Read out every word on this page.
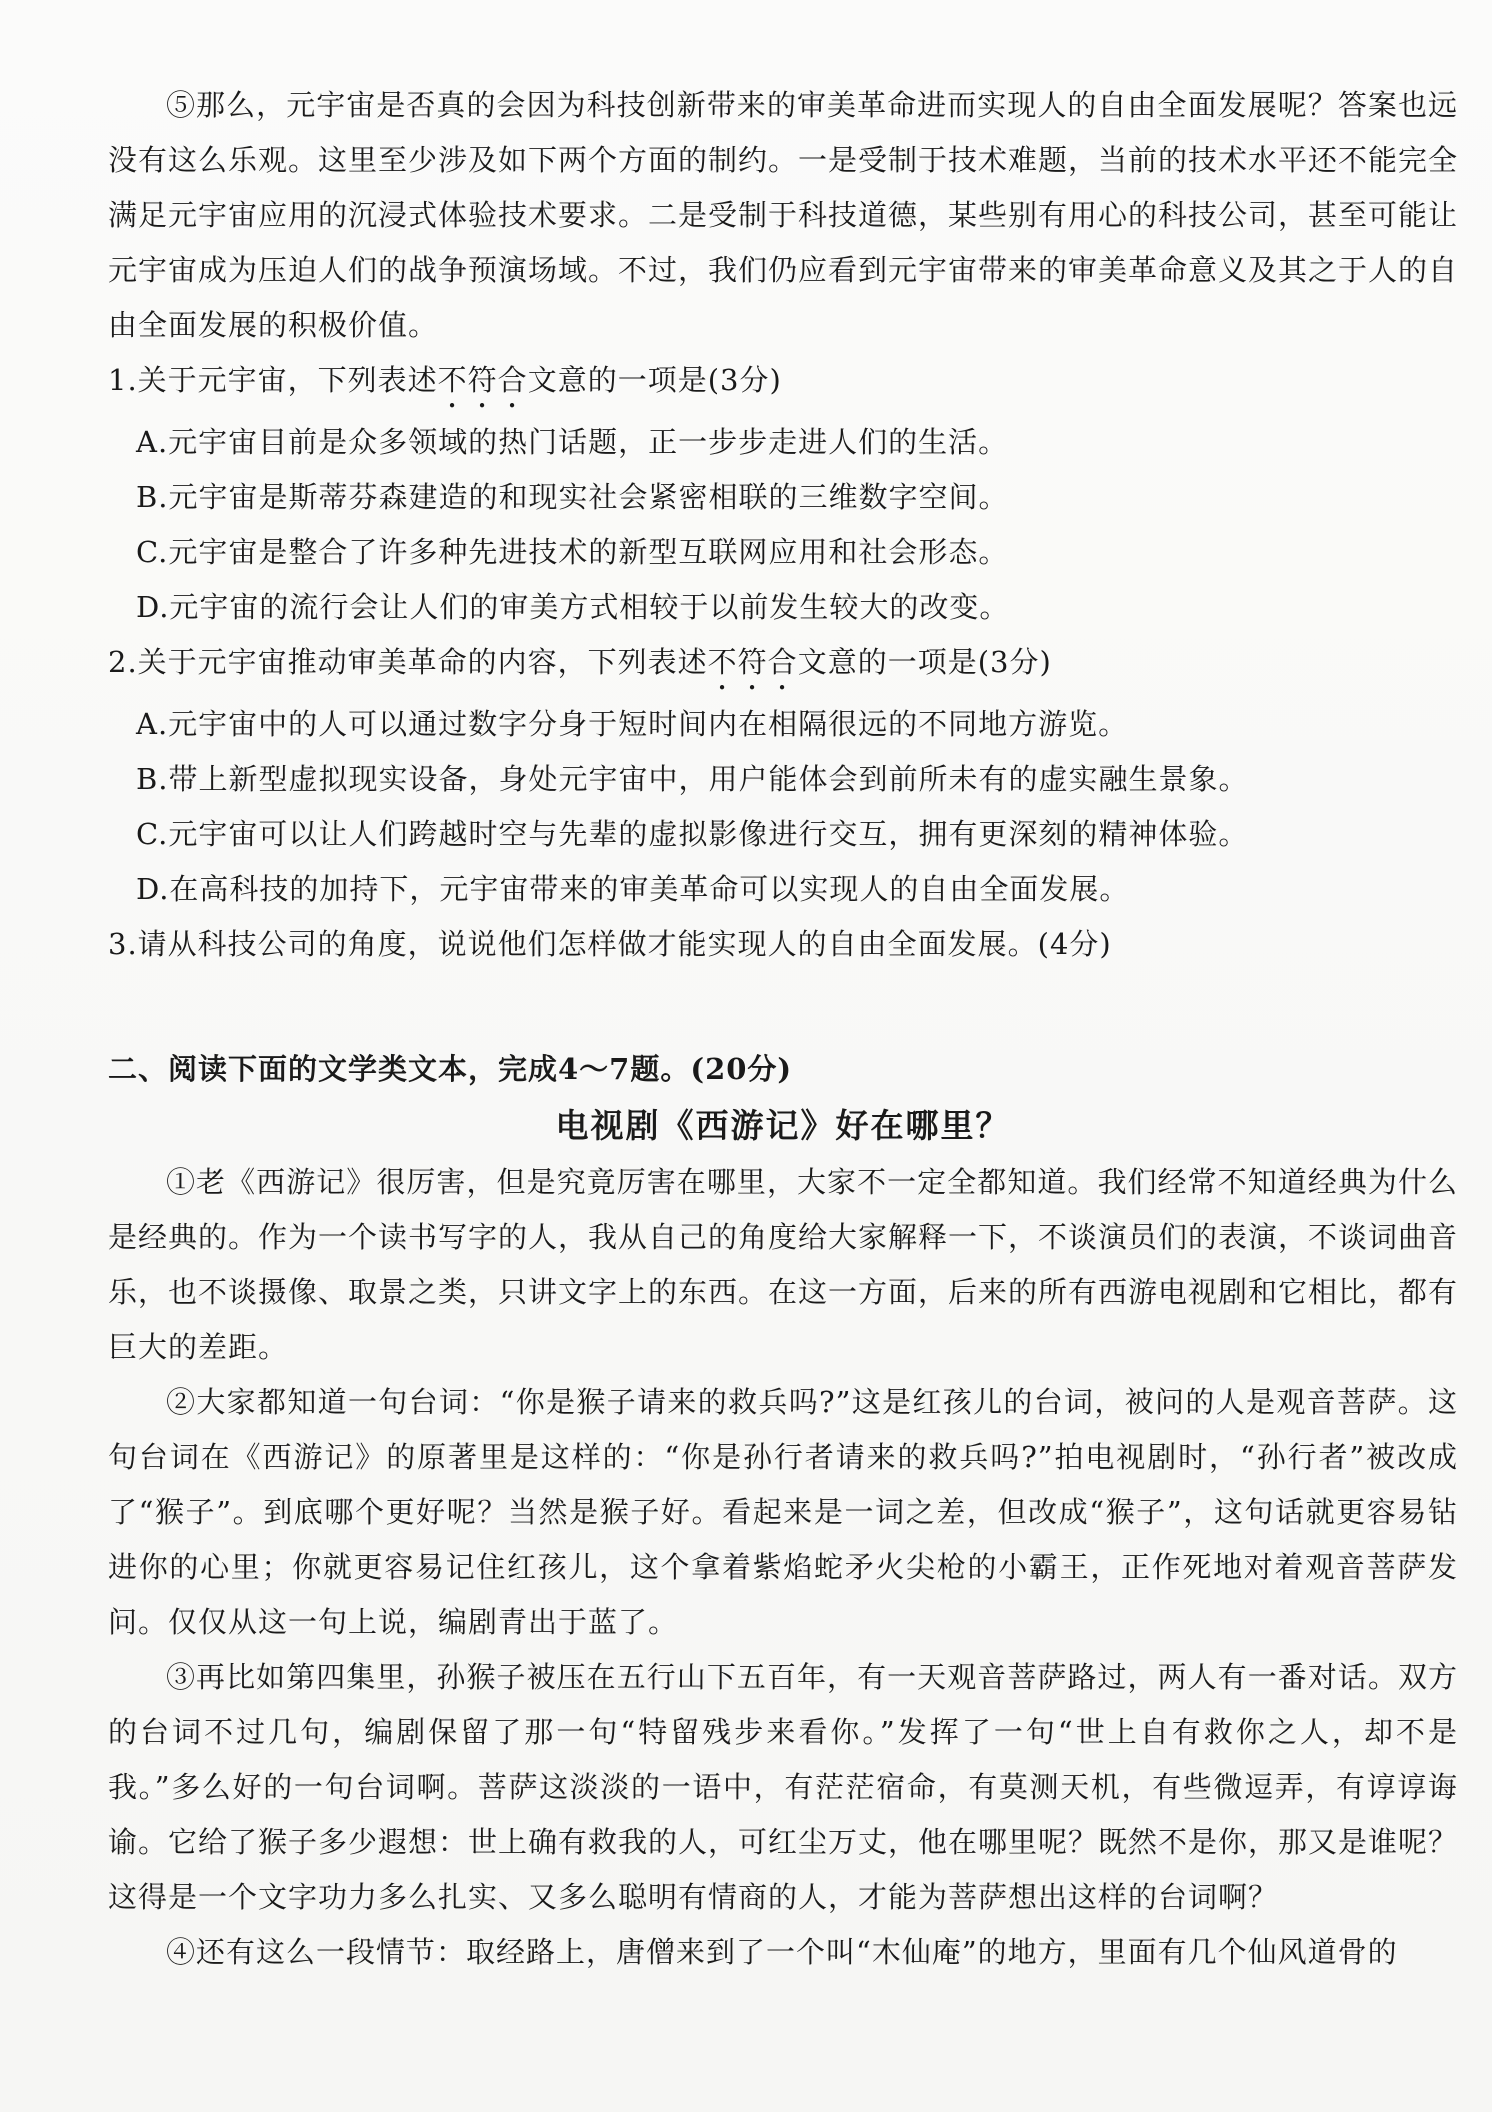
⑤那么，元宇宙是否真的会因为科技创新带来的审美革命进而实现人的自由全面发展呢？答案也远没有这么乐观。这里至少涉及如下两个方面的制约。一是受制于技术难题，当前的技术水平还不能完全满足元宇宙应用的沉浸式体验技术要求。二是受制于科技道德，某些别有用心的科技公司，甚至可能让元宇宙成为压迫人们的战争预演场域。不过，我们仍应看到元宇宙带来的审美革命意义及其之于人的自由全面发展的积极价值。

1.关于元宇宙，下列表述不符合文意的一项是(3分)

A.元宇宙目前是众多领域的热门话题，正一步步走进人们的生活。

B.元宇宙是斯蒂芬森建造的和现实社会紧密相联的三维数字空间。

C.元宇宙是整合了许多种先进技术的新型互联网应用和社会形态。

D.元宇宙的流行会让人们的审美方式相较于以前发生较大的改变。

2.关于元宇宙推动审美革命的内容，下列表述不符合文意的一项是(3分)

A.元宇宙中的人可以通过数字分身于短时间内在相隔很远的不同地方游览。

B.带上新型虚拟现实设备，身处元宇宙中，用户能体会到前所未有的虚实融生景象。

C.元宇宙可以让人们跨越时空与先辈的虚拟影像进行交互，拥有更深刻的精神体验。

D.在高科技的加持下，元宇宙带来的审美革命可以实现人的自由全面发展。

3.请从科技公司的角度，说说他们怎样做才能实现人的自由全面发展。(4分)

二、阅读下面的文学类文本，完成4～7题。(20分)

电视剧《西游记》好在哪里？

①老《西游记》很厉害，但是究竟厉害在哪里，大家不一定全都知道。我们经常不知道经典为什么是经典的。作为一个读书写字的人，我从自己的角度给大家解释一下，不谈演员们的表演，不谈词曲音乐，也不谈摄像、取景之类，只讲文字上的东西。在这一方面，后来的所有西游电视剧和它相比，都有巨大的差距。

②大家都知道一句台词：“你是猴子请来的救兵吗?”这是红孩儿的台词，被问的人是观音菩萨。这句台词在《西游记》的原著里是这样的：“你是孙行者请来的救兵吗?”拍电视剧时，“孙行者”被改成了“猴子”。到底哪个更好呢？当然是猴子好。看起来是一词之差，但改成“猴子”，这句话就更容易钻进你的心里；你就更容易记住红孩儿，这个拿着紫焰蛇矛火尖枪的小霸王，正作死地对着观音菩萨发问。仅仅从这一句上说，编剧青出于蓝了。

③再比如第四集里，孙猴子被压在五行山下五百年，有一天观音菩萨路过，两人有一番对话。双方的台词不过几句，编剧保留了那一句“特留残步来看你。”发挥了一句“世上自有救你之人，却不是我。”多么好的一句台词啊。菩萨这淡淡的一语中，有茫茫宿命，有莫测天机，有些微逗弄，有谆谆诲谕。它给了猴子多少遐想：世上确有救我的人，可红尘万丈，他在哪里呢？既然不是你，那又是谁呢？这得是一个文字功力多么扎实、又多么聪明有情商的人，才能为菩萨想出这样的台词啊？

④还有这么一段情节：取经路上，唐僧来到了一个叫“木仙庵”的地方，里面有几个仙风道骨的
